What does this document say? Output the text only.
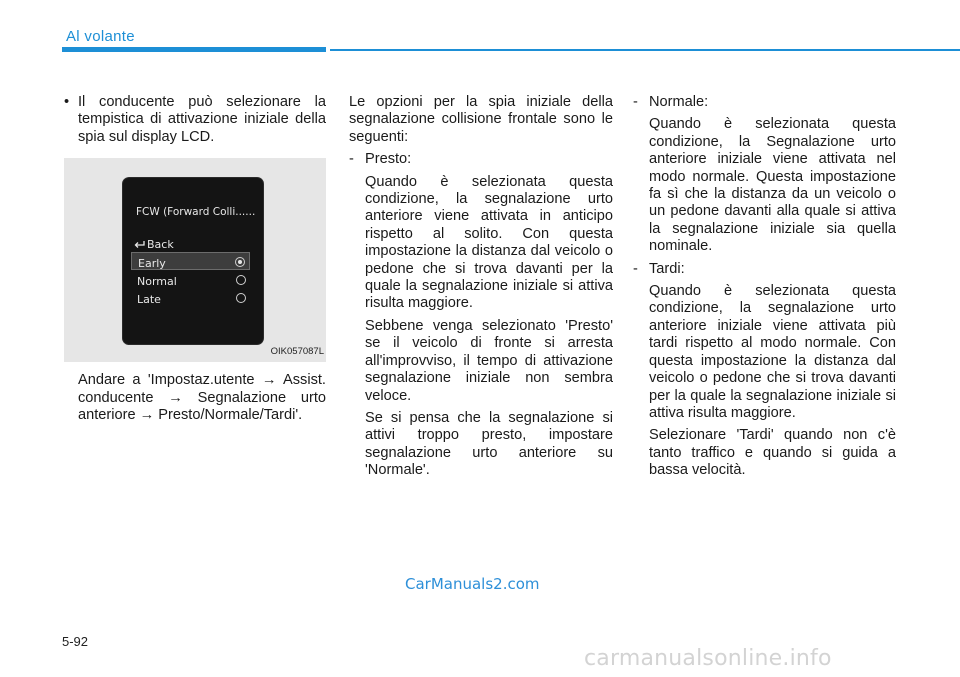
Al volante
• Il conducente può selezionare la tempistica di attivazione iniziale della spia sul display LCD.

FCW (Forward Colli......
Back
Early
Normal
Late
OIK057087L

Andare a 'Impostaz.utente → Assist. conducente → Segnalazione urto anteriore → Presto/Normale/Tardi'.

Le opzioni per la spia iniziale della segnalazione collisione frontale sono le seguenti:

- Presto:

Quando è selezionata questa condizione, la segnalazione urto anteriore viene attivata in anticipo rispetto al solito. Con questa impostazione la distanza dal veicolo o pedone che si trova davanti per la quale la segnalazione iniziale si attiva risulta maggiore.

Sebbene venga selezionato 'Presto' se il veicolo di fronte si arresta all'improvviso, il tempo di attivazione segnalazione iniziale non sembra veloce.

Se si pensa che la segnalazione si attivi troppo presto, impostare segnalazione urto anteriore su 'Normale'.

- Normale:

Quando è selezionata questa condizione, la Segnalazione urto anteriore iniziale viene attivata nel modo normale. Questa impostazione fa sì che la distanza da un veicolo o un pedone davanti alla quale si attiva la segnalazione iniziale sia quella nominale.

- Tardi:

Quando è selezionata questa condizione, la segnalazione urto anteriore iniziale viene attivata più tardi rispetto al modo normale. Con questa impostazione la distanza dal veicolo o pedone che si trova davanti per la quale la segnalazione iniziale si attiva risulta maggiore.

Selezionare 'Tardi' quando non c'è tanto traffico e quando si guida a bassa velocità.

CarManuals2.com
5-92
carmanualsonline.info
